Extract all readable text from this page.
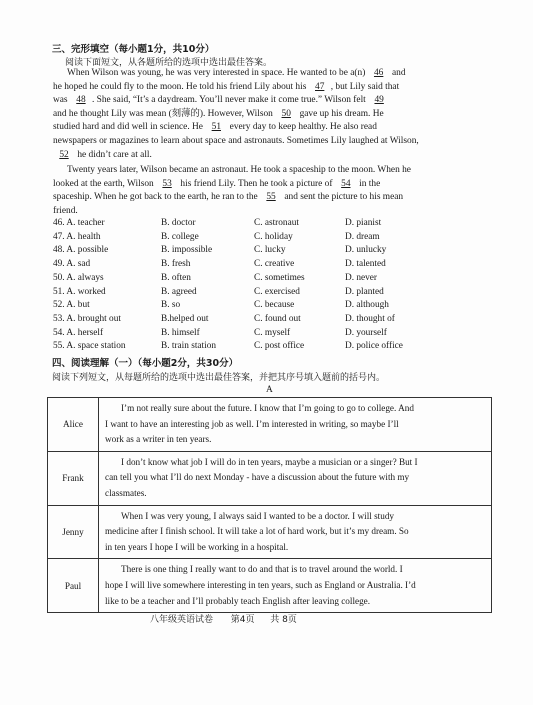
三、完形填空（每小题1分，共10分）
阅读下面短文，从各题所给的选项中选出最佳答案。
When Wilson was young, he was very interested in space. He wanted to be a(n) 46 and
he hoped he could fly to the moon. He told his friend Lily about his 47 , but Lily said that
was 48 . She said, “It’s a daydream. You’ll never make it come true.” Wilson felt 49
and he thought Lily was mean (刻薄的). However, Wilson 50 gave up his dream. He
studied hard and did well in science. He 51 every day to keep healthy. He also read
newspapers or magazines to learn about space and astronauts. Sometimes Lily laughed at Wilson,
52 he didn’t care at all.
Twenty years later, Wilson became an astronaut. He took a spaceship to the moon. When he
looked at the earth, Wilson 53 his friend Lily. Then he took a picture of 54 in the
spaceship. When he got back to the earth, he ran to the 55 and sent the picture to his mean
friend.
46. A. teacher	B. doctor	C. astronaut	D. pianist
47. A. health	B. college	C. holiday	D. dream
48. A. possible	B. impossible	C. lucky	D. unlucky
49. A. sad	B. fresh	C. creative	D. talented
50. A. always	B. often	C. sometimes	D. never
51. A. worked	B. agreed	C. exercised	D. planted
52. A. but	B. so	C. because	D. although
53. A. brought out	B.helped out	C. found out	D. thought of
54. A. herself	B. himself	C. myself	D. yourself
55. A. space station	B. train station	C. post office	D. police office
四、阅读理解（一）（每小题2分，共30分）
阅读下列短文，从每题所给的选项中选出最佳答案，并把其序号填入题前的括号内。
A
Alice	I’m not really sure about the future. I know that I’m going to go to college. And
I want to have an interesting job as well. I’m interested in writing, so maybe I’ll
work as a writer in ten years.

Frank	I don’t know what job I will do in ten years, maybe a musician or a singer? But I
can tell you what I’ll do next Monday - have a discussion about the future with my
classmates.

Jenny	When I was very young, I always said I wanted to be a doctor. I will study
medicine after I finish school. It will take a lot of hard work, but it’s my dream. So
in ten years I hope I will be working in a hospital.

Paul	There is one thing I really want to do and that is to travel around the world. I
hope I will live somewhere interesting in ten years, such as England or Australia. I’d
like to be a teacher and I’ll probably teach English after leaving college.
八年级英语试卷 第4页 共 8页
